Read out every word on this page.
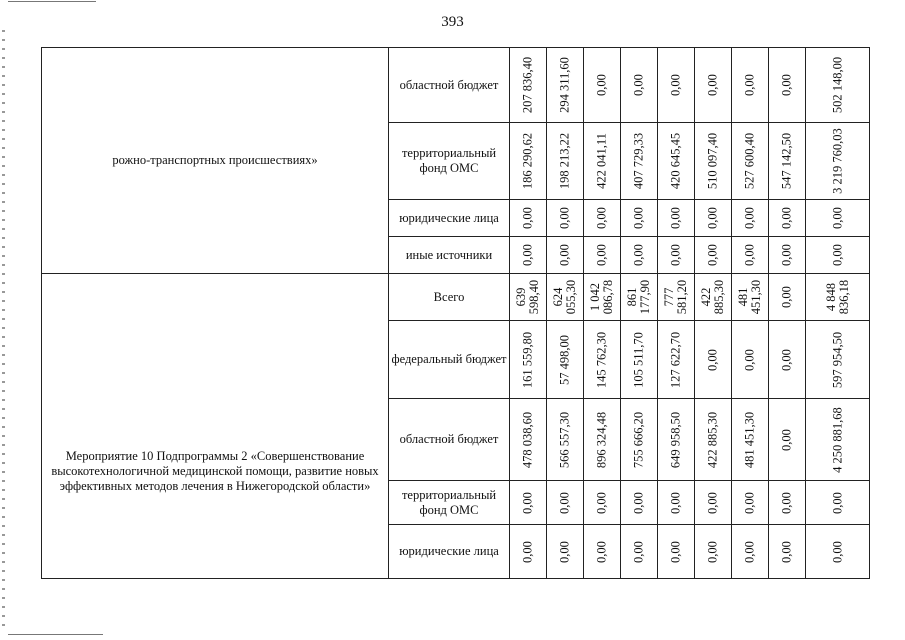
393
рожно-транспортных происшествиях»	областной бюджет	207 836,40	294 311,60	0,00	0,00	0,00	0,00	0,00	0,00	502 148,00

	территориальный фонд ОМС	186 290,62	198 213,22	422 041,11	407 729,33	420 645,45	510 097,40	527 600,40	547 142,50	3 219 760,03

	юридические лица	0,00	0,00	0,00	0,00	0,00	0,00	0,00	0,00	0,00

	иные источники	0,00	0,00	0,00	0,00	0,00	0,00	0,00	0,00	0,00

Мероприятие 10 Подпрограммы 2 «Совершенствование высокотехнологичной медицинской помощи, развитие новых эффективных методов лечения в Нижегородской области»	Всего	639 598,40	624 055,30	1 042 086,78	861 177,90	777 581,20	422 885,30	481 451,30	0,00	4 848 836,18

	федеральный бюджет	161 559,80	57 498,00	145 762,30	105 511,70	127 622,70	0,00	0,00	0,00	597 954,50

	областной бюджет	478 038,60	566 557,30	896 324,48	755 666,20	649 958,50	422 885,30	481 451,30	0,00	4 250 881,68

	территориальный фонд ОМС	0,00	0,00	0,00	0,00	0,00	0,00	0,00	0,00	0,00

	юридические лица	0,00	0,00	0,00	0,00	0,00	0,00	0,00	0,00	0,00
